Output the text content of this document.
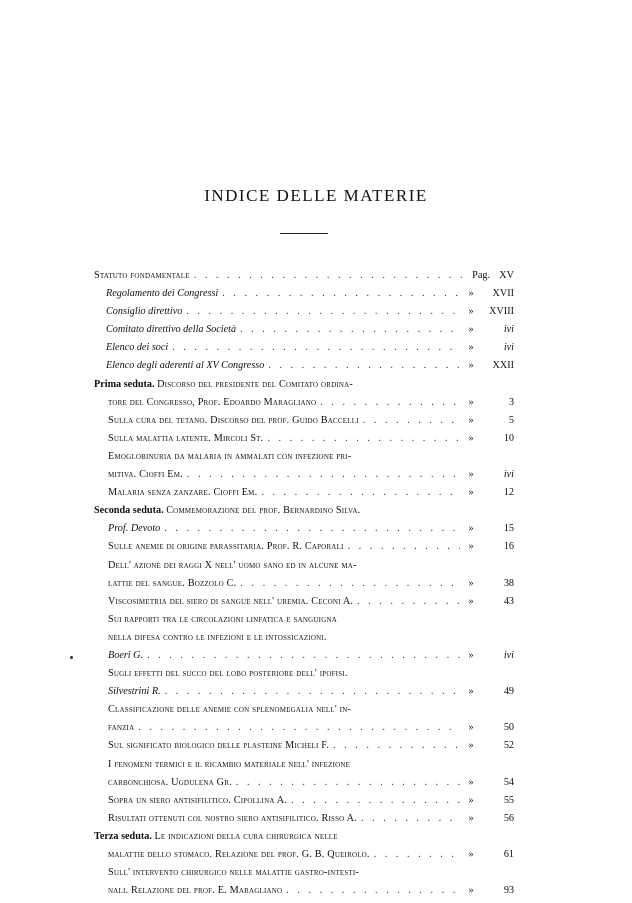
INDICE DELLE MATERIE
Statuto fondamentale . . .	Pag. XV
Regolamento dei Congressi . . .	»	XVII
Consiglio direttivo . . .	»	XVIII
Comitato direttivo della Società . . .	»	ivi
Elenco dei soci . . .	»	ivi
Elenco degli aderenti al XV Congresso . . .	»	XXII
Prima seduta.
Discorso del presidente del Comitato ordina-
tore del Congresso, Prof. Edoardo Maragliano . . .	»	3
Sulla cura del tetano. Discorso del prof. Guido Baccelli . . .	»	5
Sulla malattia latente. Mircoli St. . . .	»	10
Emoglobinuria da malaria in ammalati con infezione pri-
mitiva. Cioffi Em. . . .	»	ivi
Malaria senza zanzare. Cioffi Em. . . .	»	12
Seconda seduta.
Commemorazione del prof. Bernardino Silva.
Prof. Devoto . . .	»	15
Sulle anemie di origine parassitaria. Prof. R. Caporali . . .	»	16
Dell' azione dei raggi X nell' uomo sano ed in alcune ma-
lattie del sangue. Bozzolo C. . . .	»	38
Viscosimetria del siero di sangue nell' uremia. Ceconi A. . . .	»	43
Sui rapporti tra le circolazioni linfatica e sanguigna
nella difesa contro le infezioni e le intossicazioni.
Boeri G. . . .	»	ivi
Sugli effetti del succo del lobo posteriore dell' ipofisi.
Silvestrini R. . . .	»	49
Classificazione delle anemie con splenomegalia nell' in-
fanzia . . .	»	50
Sul significato biologico delle plasteine Micheli F. . . .	»	52
I fenomeni termici e il ricambio materiale nell' infezione
carbonchiosa. Ugdulena Gr. . . .	»	54
Sopra un siero antisifilitico. Cipollina A. . . .	»	55
Risultati ottenuti col nostro siero antisifilitico. Risso A. . . .	»	56
Terza seduta.
Le indicazioni della cura chirurgica nelle
malattie dello stomaco. Relazione del prof. G. B. Queirolo. . . .	»	61
Sull' intervento chirurgico nelle malattie gastro-intesti-
nali. Relazione del prof. E. Maragliano . . .	»	93
